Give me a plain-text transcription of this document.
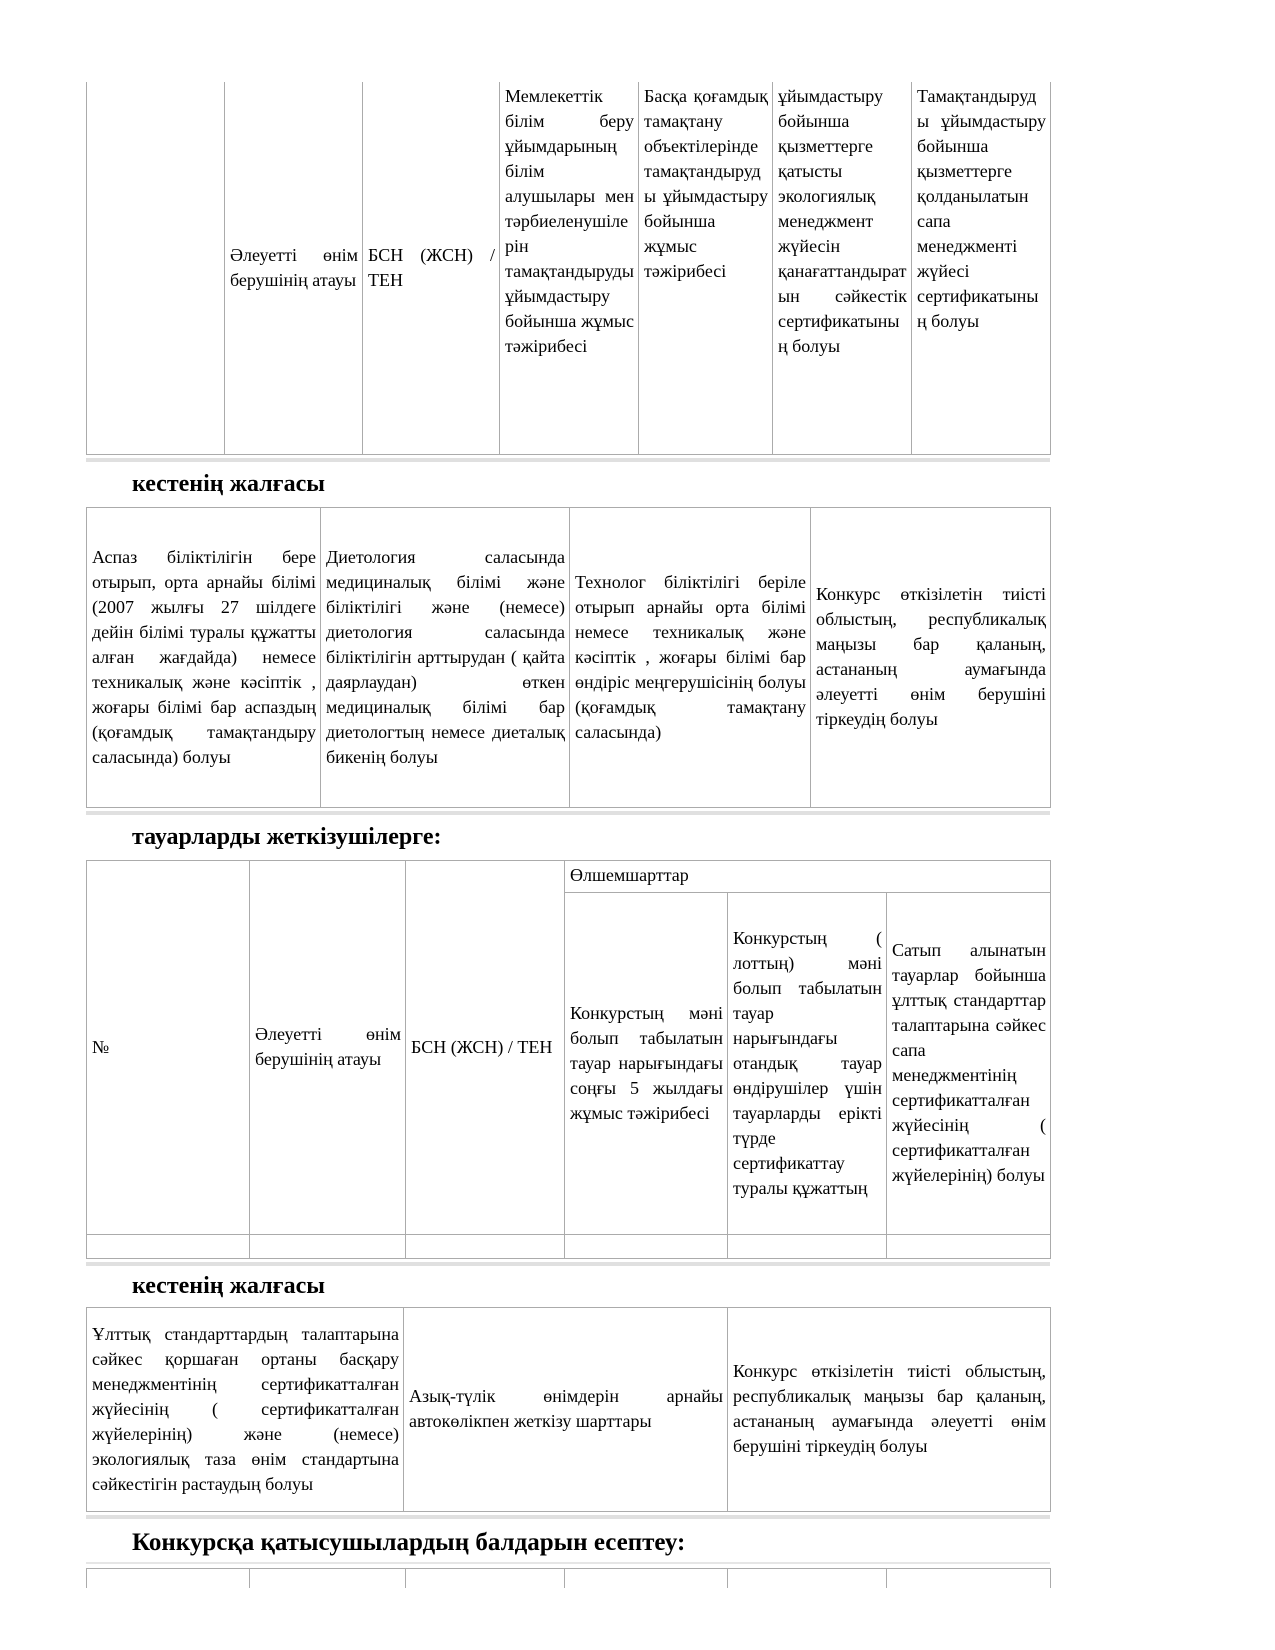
	Әлеуетті өнім берушінің атауы	БСН (ЖСН) / ТЕН	Мемлекеттік білім беру ұйымдарының білім алушылары мен тәрбиеленушілерін тамақтандыруды ұйымдастыру бойынша жұмыс тәжірибесі	Басқа қоғамдық тамақтану объектілерінде тамақтандыруды ұйымдастыру бойынша жұмыс тәжірибесі	ұйымдастыру бойынша қызметтерге қатысты экологиялық менеджмент жүйесін қанағаттандыратын сәйкестік сертификатының болуы	Тамақтандыруды ұйымдастыру бойынша қызметтерге қолданылатын сапа менеджменті жүйесі сертификатының болуы
кестенің жалғасы
Аспаз біліктілігін бере отырып, орта арнайы білімі (2007 жылғы 27 шілдеге дейін білімі туралы құжатты алған жағдайда) немесе техникалық және кәсіптік , жоғары білімі бар аспаздың (қоғамдық тамақтандыру саласында) болуы	Диетология саласында медициналық білімі және біліктілігі және (немесе) диетология саласында біліктілігін арттырудан ( қайта даярлаудан) өткен медициналық білімі бар диетологтың немесе диеталық бикенің болуы	Технолог біліктілігі беріле отырып арнайы орта білімі немесе техникалық және кәсіптік , жоғары білімі бар өндіріс меңгерушісінің болуы (қоғамдық тамақтану саласында)	Конкурс өткізілетін тиісті облыстың, республикалық маңызы бар қаланың, астананың аумағында әлеуетті өнім берушіні тіркеудің болуы
тауарларды жеткізушілерге:
№	Әлеуетті өнім берушінің атауы	БСН (ЖСН) / ТЕН	Өлшемшарттар		
			Конкурстың мәні болып табылатын тауар нарығындағы соңғы 5 жылдағы жұмыс тәжірибесі	Конкурстың ( лоттың) мәні болып табылатын тауар нарығындағы отандық тауар өндірушілер үшін тауарларды ерікті түрде сертификаттау туралы құжаттың	Сатып алынатын тауарлар бойынша ұлттық стандарттар талаптарына сәйкес сапа менеджментінің сертификатталған жүйесінің ( сертификатталған жүйелерінің) болуы

кестенің жалғасы
Ұлттық стандарттардың талаптарына сәйкес қоршаған ортаны басқару менеджментінің сертификатталған жүйесінің ( сертификатталған жүйелерінің) және (немесе) экологиялық таза өнім стандартына сәйкестігін растаудың болуы	Азық-түлік өнімдерін арнайы автокөлікпен жеткізу шарттары	Конкурс өткізілетін тиісті облыстың, республикалық маңызы бар қаланың, астананың аумағында әлеуетті өнім берушіні тіркеудің болуы
Конкурсқа қатысушылардың балдарын есептеу:
